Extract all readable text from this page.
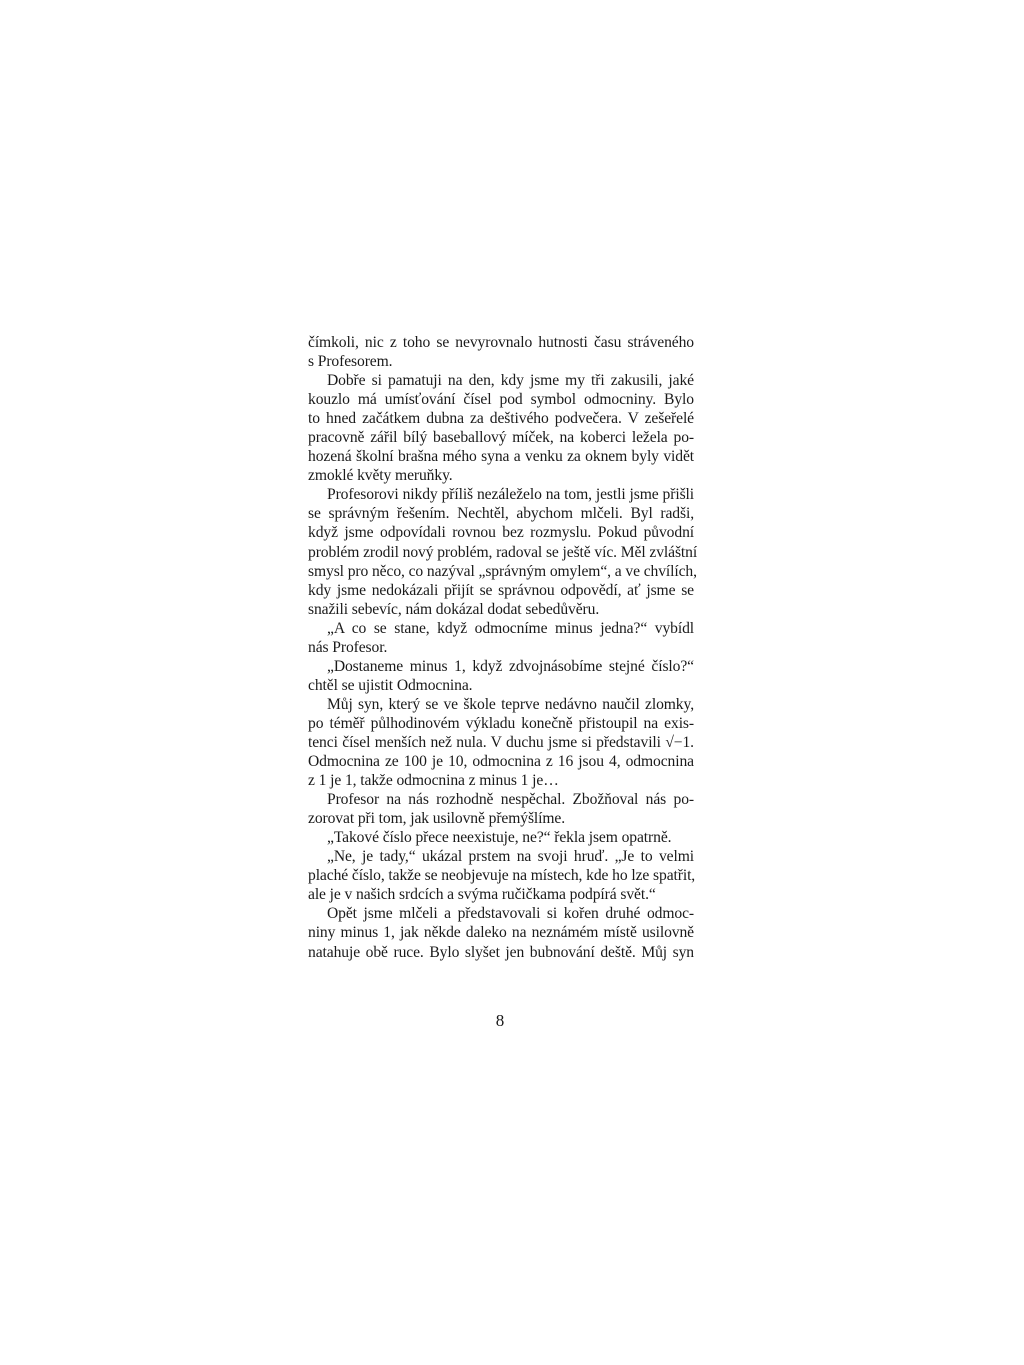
čímkoli, nic z toho se nevyrovnalo hutnosti času stráveného
s Profesorem.
Dobře si pamatuji na den, kdy jsme my tři zakusili, jaké
kouzlo má umísťování čísel pod symbol odmocniny. Bylo
to hned začátkem dubna za deštivého podvečera. V zešeřelé
pracovně zářil bílý baseballový míček, na koberci ležela po-
hozená školní brašna mého syna a venku za oknem byly vidět
zmoklé květy meruňky.
Profesorovi nikdy příliš nezáleželo na tom, jestli jsme přišli
se správným řešením. Nechtěl, abychom mlčeli. Byl radši,
když jsme odpovídali rovnou bez rozmyslu. Pokud původní
problém zrodil nový problém, radoval se ještě víc. Měl zvláštní
smysl pro něco, co nazýval „správným omylem“, a ve chvílích,
kdy jsme nedokázali přijít se správnou odpovědí, ať jsme se
snažili sebevíc, nám dokázal dodat sebedůvěru.
„A co se stane, když odmocníme minus jedna?“ vybídl
nás Profesor.
„Dostaneme minus 1, když zdvojnásobíme stejné číslo?“
chtěl se ujistit Odmocnina.
Můj syn, který se ve škole teprve nedávno naučil zlomky,
po téměř půlhodinovém výkladu konečně přistoupil na exis-
tenci čísel menších než nula. V duchu jsme si představili √−1.
Odmocnina ze 100 je 10, odmocnina z 16 jsou 4, odmocnina
z 1 je 1, takže odmocnina z minus 1 je…
Profesor na nás rozhodně nespěchal. Zbožňoval nás po-
zorovat při tom, jak usilovně přemýšlíme.
„Takové číslo přece neexistuje, ne?“ řekla jsem opatrně.
„Ne, je tady,“ ukázal prstem na svoji hruď. „Je to velmi
plaché číslo, takže se neobjevuje na místech, kde ho lze spatřit,
ale je v našich srdcích a svýma ručičkama podpírá svět.“
Opět jsme mlčeli a představovali si kořen druhé odmoc-
niny minus 1, jak někde daleko na neznámém místě usilovně
natahuje obě ruce. Bylo slyšet jen bubnování deště. Můj syn
8
